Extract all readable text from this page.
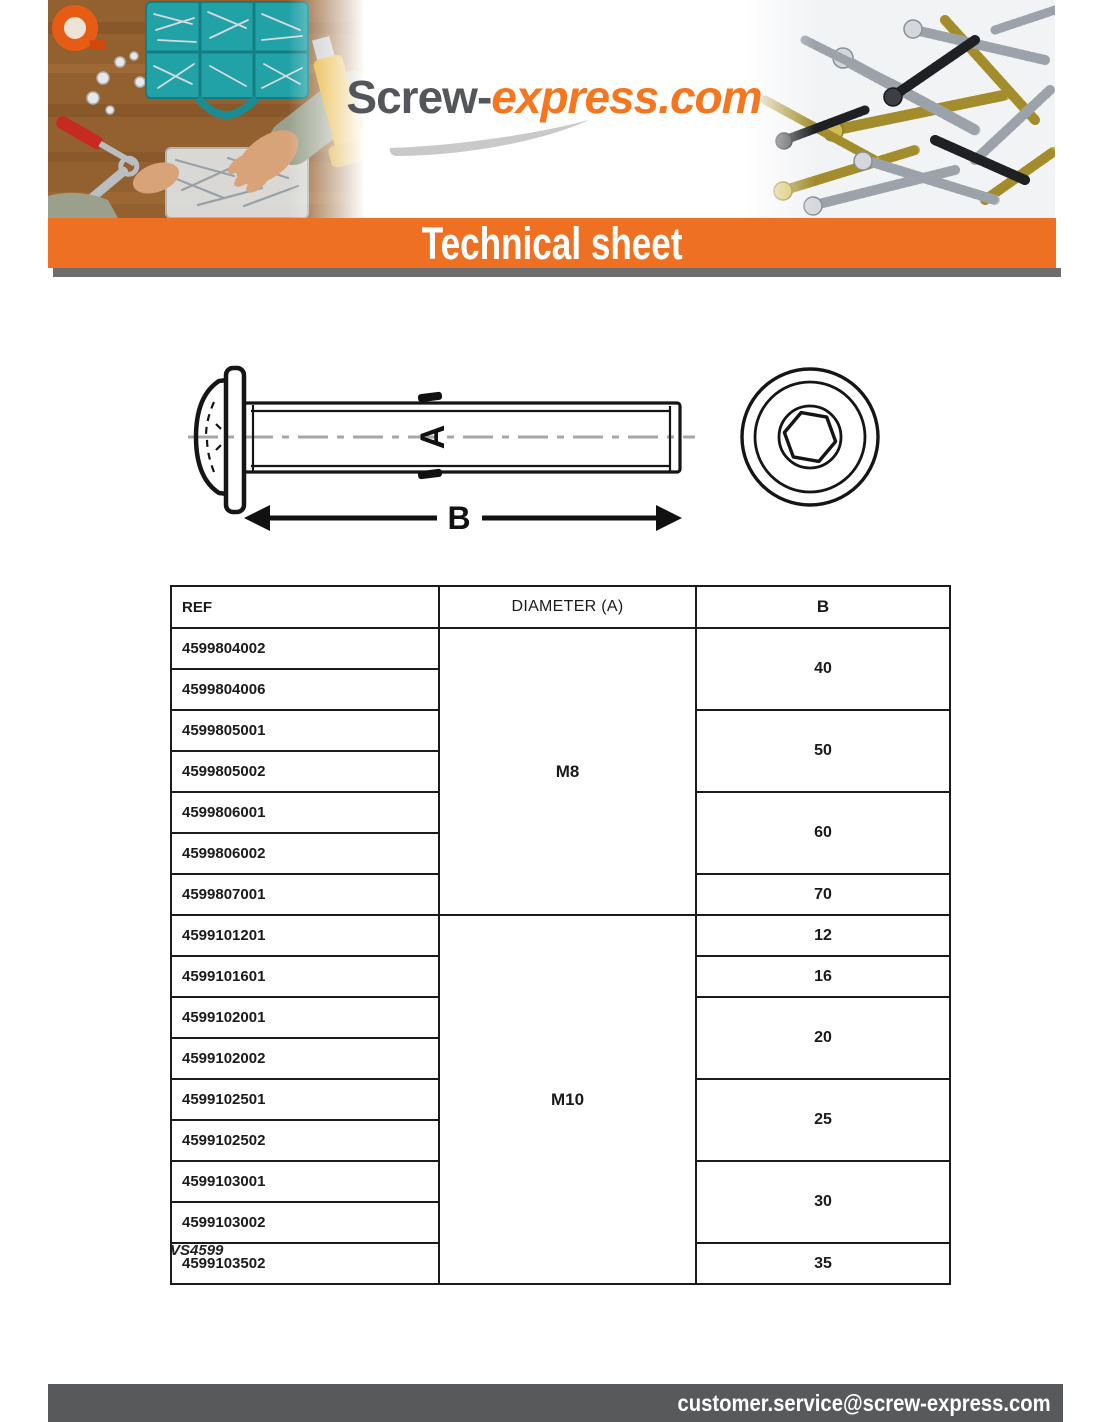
Screw-express.com
Technical sheet
A
B
REF	DIAMETER (A)	B
4599804002	M8	40
4599804006		
4599805001		50
4599805002		
4599806001		60
4599806002		
4599807001		70
4599101201	M10	12
4599101601		16
4599102001		20
4599102002		
4599102501		25
4599102502		
4599103001		30
4599103002		
4599103502		35
VS4599
customer.service@screw-express.com
